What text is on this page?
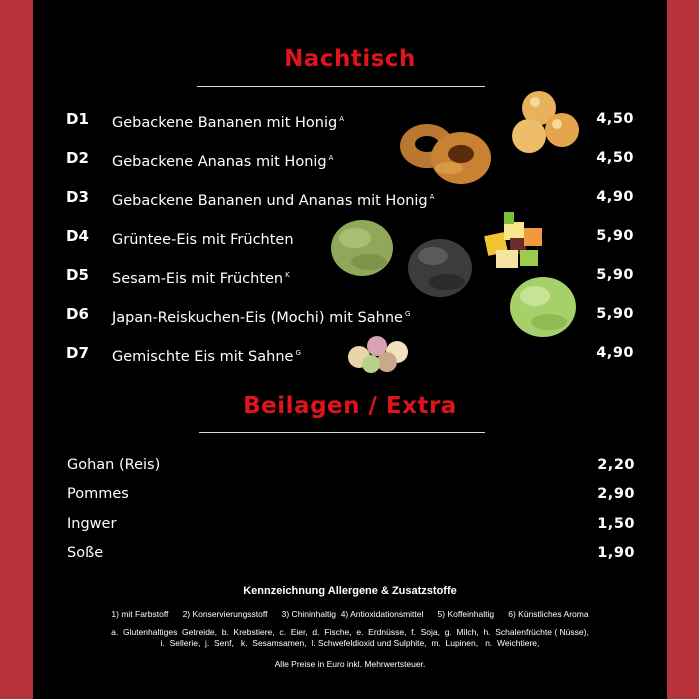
Nachtisch
D1 Gebackene Bananen mit Honig $^A$	4,50
D2 Gebackene Ananas mit Honig $^A$	4,50
D3 Gebackene Bananen und Ananas mit Honig $^A$	4,90
D4 Grüntee-Eis mit Früchten	5,90
D5 Sesam-Eis mit Früchten $^K$	5,90
D6 Japan-Reiskuchen-Eis (Mochi) mit Sahne $^G$	5,90
D7 Gemischte Eis mit Sahne $^G$	4,90
Beilagen / Extra
Gohan (Reis)	2,20
Pommes	2,90
Ingwer	1,50
Soße	1,90
Kennzeichnung Allergene & Zusatzstoffe
1) mit Farbstoff      2) Konservierungsstoff      3) Chininhaltig  4) Antioxidationsmittel      5) Koffeinhaltig      6) Künstliches Aroma
a.  Glutenhaltiges  Getreide,  b.  Krebstiere,  c.  Eier,  d.  Fische,  e.  Erdnüsse,  f.  Soja,  g.  Milch,  h.  Schalenfrüchte ( Nüsse),
i.  Sellerie,  j.  Senf,   k.  Sesamsamen,  l. Schwefeldioxid und Sulphite,  m.  Lupinen,   n.  Weichtiere,
Alle Preise in Euro inkl. Mehrwertsteuer.
